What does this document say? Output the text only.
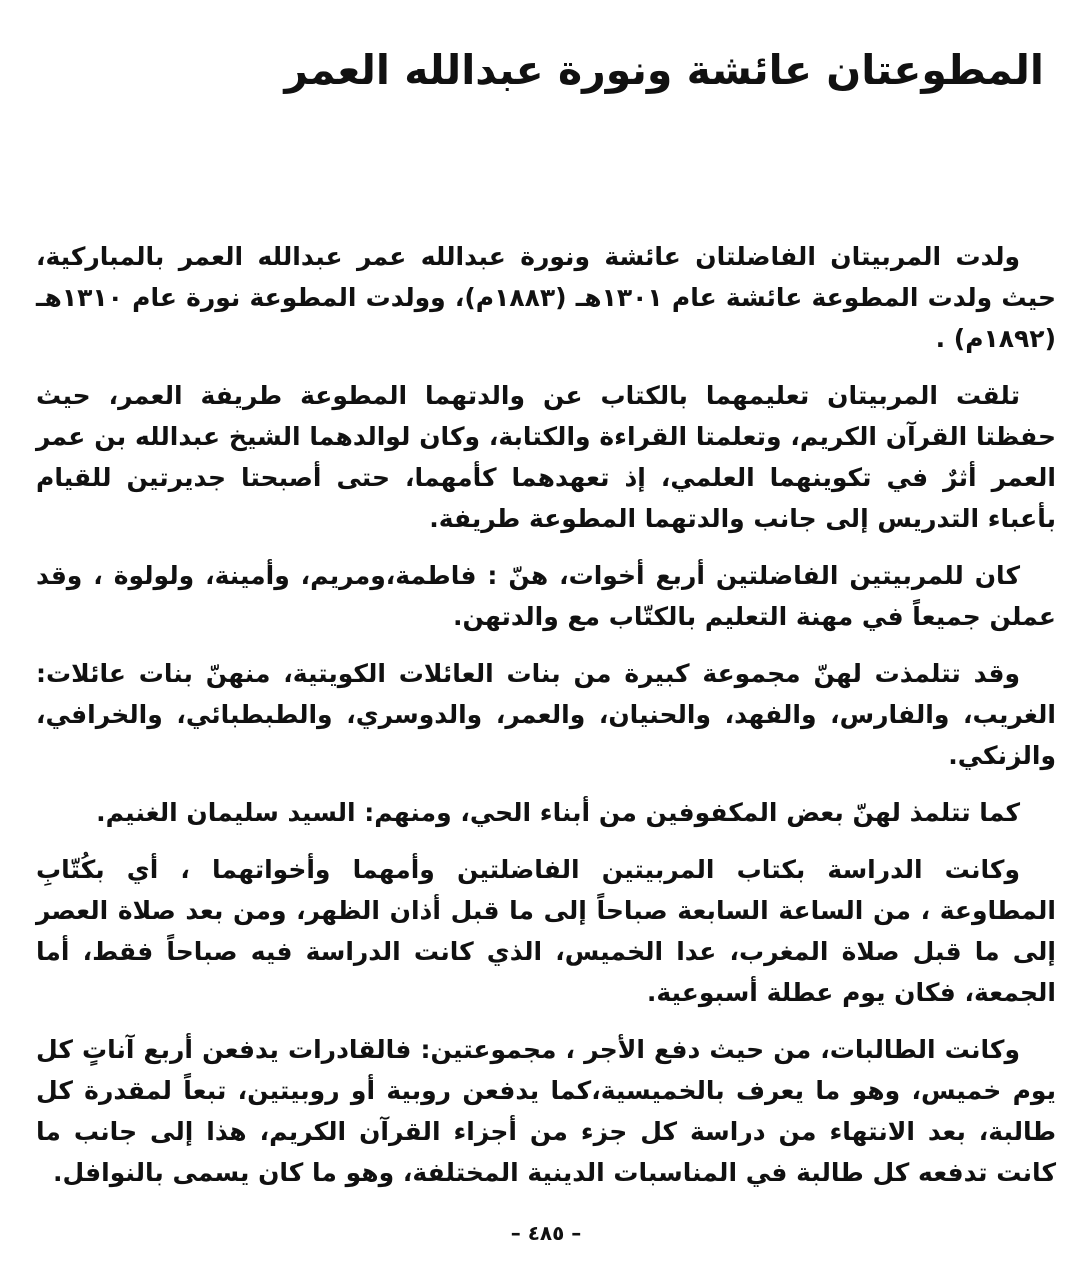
المطوعتان عائشة ونورة عبدالله العمر

ولدت المربيتان الفاضلتان عائشة ونورة عبدالله عمر عبدالله العمر بالمباركية، حيث ولدت المطوعة عائشة عام ١٣٠١هـ (١٨٨٣م)، وولدت المطوعة نورة عام ١٣١٠هـ (١٨٩٢م) .

تلقت المربيتان تعليمهما بالكتاب عن والدتهما المطوعة طريفة العمر، حيث حفظتا القرآن الكريم، وتعلمتا القراءة والكتابة، وكان لوالدهما الشيخ عبدالله بن عمر العمر أثرٌ في تكوينهما العلمي، إذ تعهدهما كأمهما، حتى أصبحتا جديرتين للقيام بأعباء التدريس إلى جانب والدتهما المطوعة طريفة.

كان للمربيتين الفاضلتين أربع أخوات، هنّ : فاطمة،ومريم، وأمينة، ولولوة ، وقد عملن جميعاً في مهنة التعليم بالكتّاب مع والدتهن.

وقد تتلمذت لهنّ مجموعة كبيرة من بنات العائلات الكويتية، منهنّ بنات عائلات: الغريب، والفارس، والفهد، والحنيان، والعمر، والدوسري، والطبطبائي، والخرافي، والزنكي.

كما تتلمذ لهنّ بعض المكفوفين من أبناء الحي، ومنهم: السيد سليمان الغنيم.

وكانت الدراسة بكتاب المربيتين الفاضلتين وأمهما وأخواتهما ، أي بكُتّابِ المطاوعة ، من الساعة السابعة صباحاً إلى ما قبل أذان الظهر، ومن بعد صلاة العصر إلى ما قبل صلاة المغرب، عدا الخميس، الذي كانت الدراسة فيه صباحاً فقط، أما الجمعة، فكان يوم عطلة أسبوعية.

وكانت الطالبات، من حيث دفع الأجر ، مجموعتين: فالقادرات يدفعن أربع آناتٍ كل يوم خميس، وهو ما يعرف بالخميسية،كما يدفعن روبية أو روبيتين، تبعاً لمقدرة كل طالبة، بعد الانتهاء من دراسة كل جزء من أجزاء القرآن الكريم، هذا إلى جانب ما كانت تدفعه كل طالبة في المناسبات الدينية المختلفة، وهو ما كان يسمى بالنوافل.

– ٤٨٥ –
